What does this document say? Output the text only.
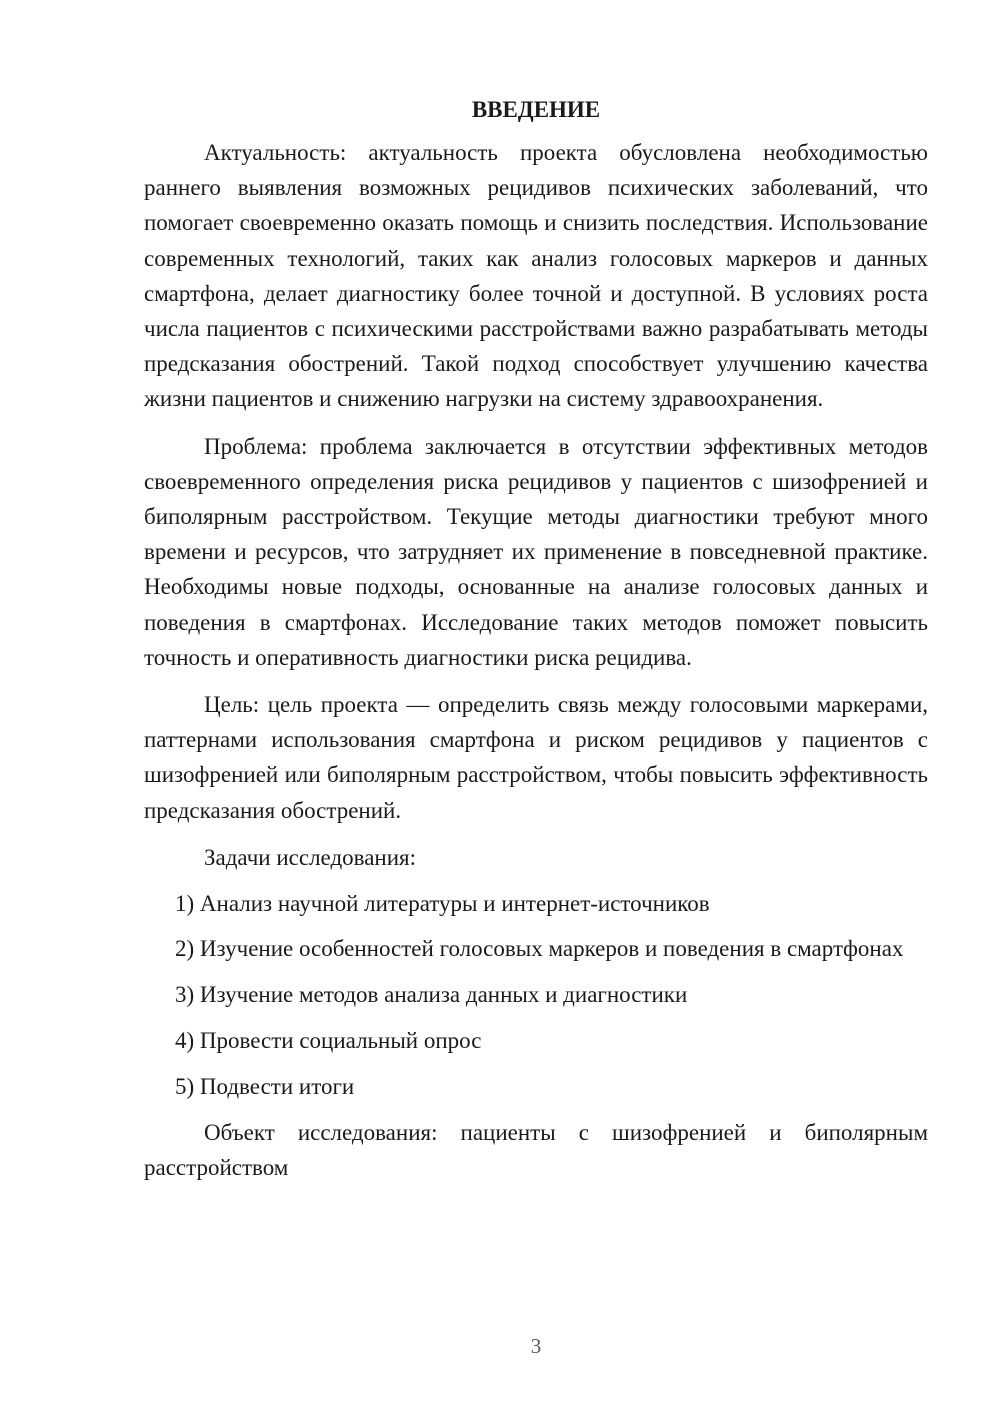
ВВЕДЕНИЕ

Актуальность: актуальность проекта обусловлена необходимостью раннего выявления возможных рецидивов психических заболеваний, что помогает своевременно оказать помощь и снизить последствия. Использование современных технологий, таких как анализ голосовых маркеров и данных смартфона, делает диагностику более точной и доступной. В условиях роста числа пациентов с психическими расстройствами важно разрабатывать методы предсказания обострений. Такой подход способствует улучшению качества жизни пациентов и снижению нагрузки на систему здравоохранения.

Проблема: проблема заключается в отсутствии эффективных методов своевременного определения риска рецидивов у пациентов с шизофренией и биполярным расстройством. Текущие методы диагностики требуют много времени и ресурсов, что затрудняет их применение в повседневной практике. Необходимы новые подходы, основанные на анализе голосовых данных и поведения в смартфонах. Исследование таких методов поможет повысить точность и оперативность диагностики риска рецидива.

Цель: цель проекта — определить связь между голосовыми маркерами, паттернами использования смартфона и риском рецидивов у пациентов с шизофренией или биполярным расстройством, чтобы повысить эффективность предсказания обострений.

Задачи исследования:

1) Анализ научной литературы и интернет-источников

2) Изучение особенностей голосовых маркеров и поведения в смартфонах

3) Изучение методов анализа данных и диагностики

4) Провести социальный опрос

5) Подвести итоги

Объект исследования: пациенты с шизофренией и биполярным расстройством

3
